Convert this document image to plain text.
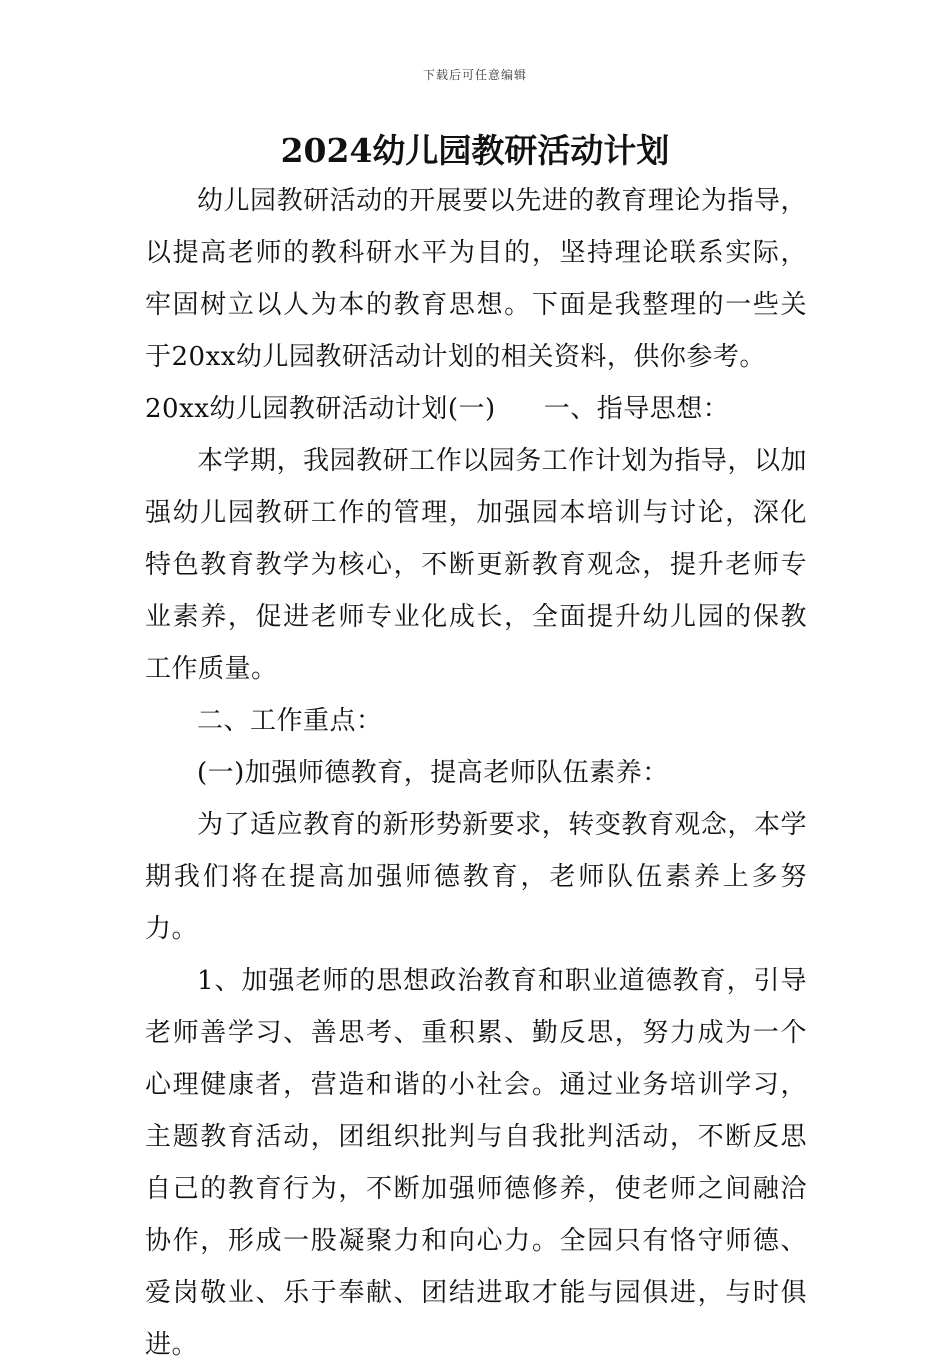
下载后可任意编辑
2024幼儿园教研活动计划

幼儿园教研活动的开展要以先进的教育理论为指导，以提高老师的教科研水平为目的，坚持理论联系实际，牢固树立以人为本的教育思想。下面是我整理的一些关于20xx幼儿园教研活动计划的相关资料，供你参考。

20xx幼儿园教研活动计划(一) 一、指导思想：

本学期，我园教研工作以园务工作计划为指导，以加强幼儿园教研工作的管理，加强园本培训与讨论，深化特色教育教学为核心，不断更新教育观念，提升老师专业素养，促进老师专业化成长，全面提升幼儿园的保教工作质量。

二、工作重点：

(一)加强师德教育，提高老师队伍素养：

为了适应教育的新形势新要求，转变教育观念，本学期我们将在提高加强师德教育，老师队伍素养上多努力。

1、加强老师的思想政治教育和职业道德教育，引导老师善学习、善思考、重积累、勤反思，努力成为一个心理健康者，营造和谐的小社会。通过业务培训学习，主题教育活动，团组织批判与自我批判活动，不断反思自己的教育行为，不断加强师德修养，使老师之间融洽协作，形成一股凝聚力和向心力。全园只有恪守师德、爱岗敬业、乐于奉献、团结进取才能与园俱进，与时俱进。
